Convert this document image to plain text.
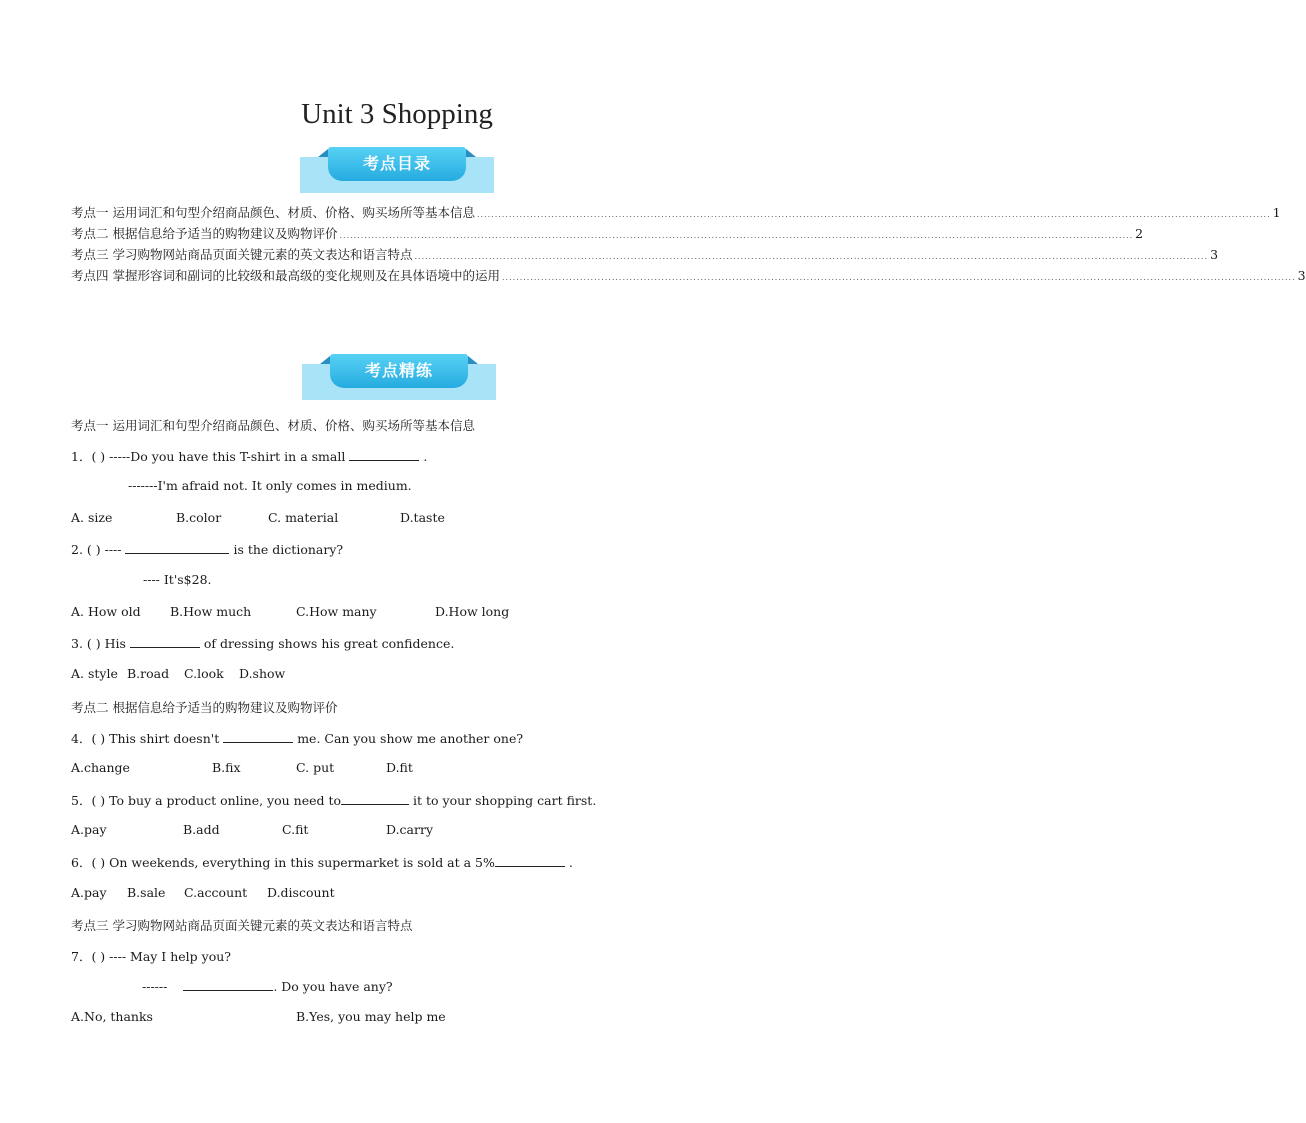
Unit 3 Shopping
考点目录
考点一 运用词汇和句型介绍商品颜色、材质、价格、购买场所等基本信息 ................................................................................................................................................................................................................................ 1
考点二 根据信息给予适当的购物建议及购物评价 ................................................................................................................................................................................................................................ 2
考点三 学习购物网站商品页面关键元素的英文表达和语言特点 ................................................................................................................................................................................................................................ 3
考点四 掌握形容词和副词的比较级和最高级的变化规则及在具体语境中的运用 ................................................................................................................................................................................................................................ 3
考点精练
考点一 运用词汇和句型介绍商品颜色、材质、价格、购买场所等基本信息
1．( ) -----Do you have this T-shirt in a small	.
-------I'm afraid not. It only comes in medium.
A. size	B.color	C. material	D.taste
2. ( ) ----	is the dictionary?
---- It's$28.
A. How old B.How much	C.How many	D.How long
3. ( ) His	of dressing shows his great confidence.
A. style B.road C.look D.show
考点二 根据信息给予适当的购物建议及购物评价
4．( ) This shirt doesn't	me. Can you show me another one?
A.change	B.fix	C. put	D.fit
5．( ) To buy a product online, you need to	it to your shopping cart first.
A.pay	B.add	C.fit	D.carry
6．( ) On weekends, everything in this supermarket is sold at a 5%	.
A.pay B.sale C.account D.discount
考点三 学习购物网站商品页面关键元素的英文表达和语言特点
7．( ) ---- May I help you?
------	. Do you have any?
A.No, thanks	B.Yes, you may help me
